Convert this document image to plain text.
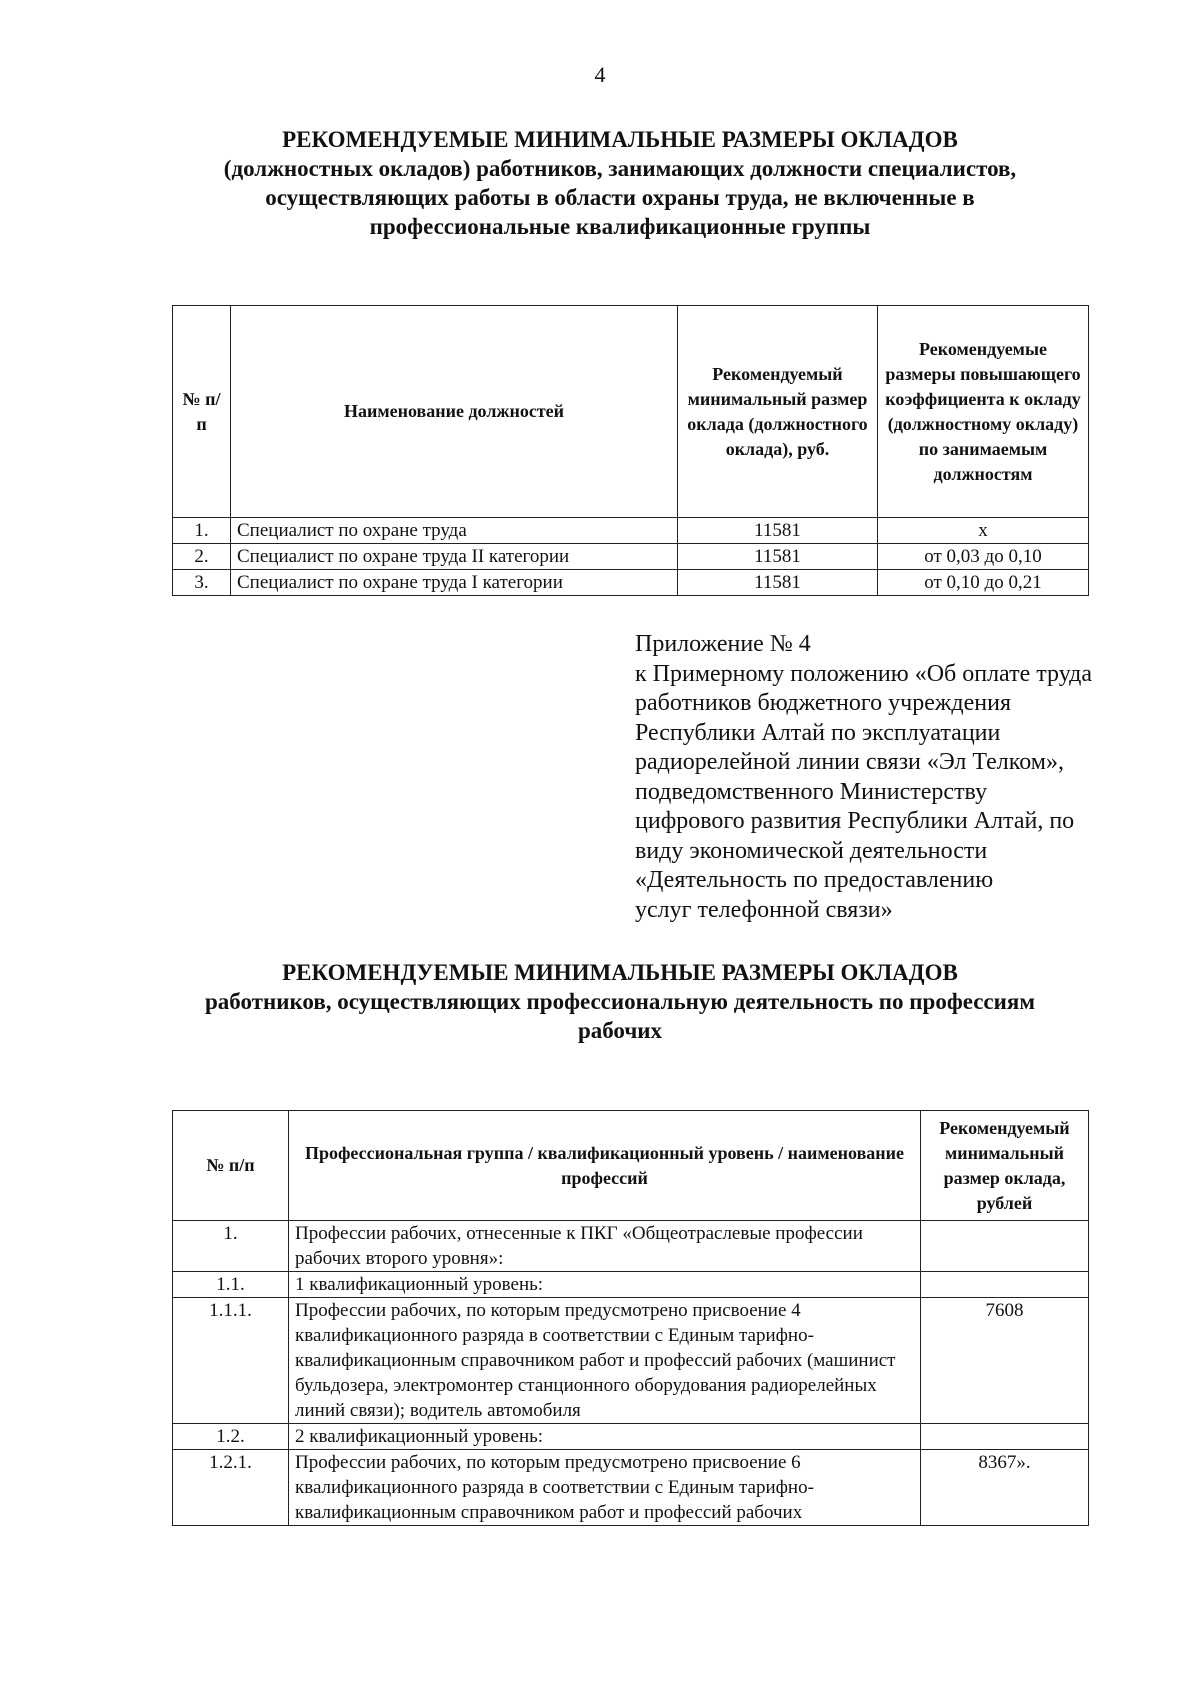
4
РЕКОМЕНДУЕМЫЕ МИНИМАЛЬНЫЕ РАЗМЕРЫ ОКЛАДОВ
(должностных окладов) работников, занимающих должности специалистов,
осуществляющих работы в области охраны труда, не включенные в
профессиональные квалификационные группы
№ п/п	Наименование должностей	Рекомендуемый минимальный размер оклада (должностного оклада), руб.	Рекомендуемые размеры повышающего коэффициента к окладу (должностному окладу) по занимаемым должностям
1.	Специалист по охране труда	11581	х
2.	Специалист по охране труда II категории	11581	от 0,03 до 0,10
3.	Специалист по охране труда I категории	11581	от 0,10 до 0,21
Приложение № 4
к Примерному положению «Об оплате труда
работников бюджетного учреждения
Республики Алтай по эксплуатации
радиорелейной линии связи «Эл Телком»,
подведомственного Министерству
цифрового развития Республики Алтай, по
виду экономической деятельности
«Деятельность по предоставлению
услуг телефонной связи»
РЕКОМЕНДУЕМЫЕ МИНИМАЛЬНЫЕ РАЗМЕРЫ ОКЛАДОВ
работников, осуществляющих профессиональную деятельность по профессиям
рабочих
№ п/п	Профессиональная группа / квалификационный уровень / наименование профессий	Рекомендуемый минимальный размер оклада, рублей
1.	Профессии рабочих, отнесенные к ПКГ «Общеотраслевые профессии рабочих второго уровня»:	
1.1.	1 квалификационный уровень:	
1.1.1.	Профессии рабочих, по которым предусмотрено присвоение 4 квалификационного разряда в соответствии с Единым тарифно-квалификационным справочником работ и профессий рабочих (машинист бульдозера, электромонтер станционного оборудования радиорелейных линий связи); водитель автомобиля	7608
1.2.	2 квалификационный уровень:	
1.2.1.	Профессии рабочих, по которым предусмотрено присвоение 6 квалификационного разряда в соответствии с Единым тарифно-квалификационным справочником работ и профессий рабочих	8367».
